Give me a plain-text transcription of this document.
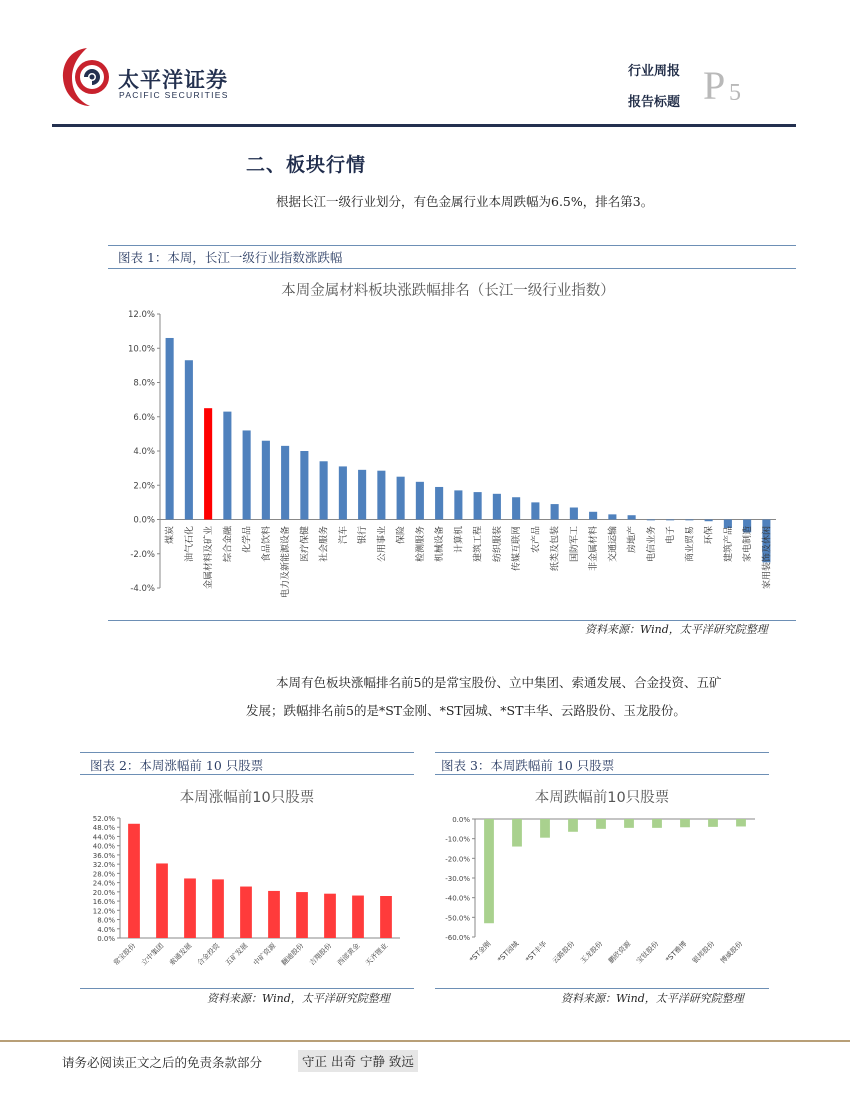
太平洋证券
PACIFIC SECURITIES
行业周报
报告标题 P 5
二、板块行情
根据长江一级行业划分，有色金属行业本周跌幅为6.5%，排名第3。
图表 1：本周，长江一级行业指数涨跌幅
本周金属材料板块涨跌幅排名（长江一级行业指数）
-4.0%
-2.0%
0.0%
2.0%
4.0%
6.0%
8.0%
10.0%
12.0%
煤炭 油气石化 金属材料及矿业 综合金融 化学品 食品饮料 电力及新能源设备 医疗保健 社会服务 汽车 银行 公用事业 保险 检测服务 机械设备 计算机 建筑工程 纺织服装 传媒互联网 农产品 纸类及包装 国防军工 非金属材料 交通运输 房地产 电信业务 电子 商业贸易 环保 建筑产品 家电制造 家用装饰及休闲
资料来源：Wind，太平洋研究院整理
本周有色板块涨幅排名前5的是常宝股份、立中集团、索通发展、合金投资、五矿
发展；跌幅排名前5的是*ST金刚、*ST园城、*ST丰华、云路股份、玉龙股份。
图表 2：本周涨幅前 10 只股票
本周涨幅前10只股票
0.0%
4.0%
8.0%
12.0%
16.0%
20.0%
24.0%
28.0%
32.0%
36.0%
40.0%
44.0%
48.0%
52.0%
常宝股份 立中集团 索通发展 合金投资 五矿发展 中矿资源 翻迪股份 吉翔股份 西部黄金 天齐锂业
资料来源：Wind，太平洋研究院整理
图表 3：本周跌幅前 10 只股票
本周跌幅前10只股票
0.0%
-10.0%
-20.0%
-30.0%
-40.0%
-50.0%
-60.0%
*ST金刚 *ST园城 *ST丰华 云路股份 玉龙股份 鹏欣资源 宝钛股份 *ST雅博 银邦股份 博威股份
资料来源：Wind，太平洋研究院整理
请务必阅读正文之后的免责条款部分	守正 出奇 宁静 致远
